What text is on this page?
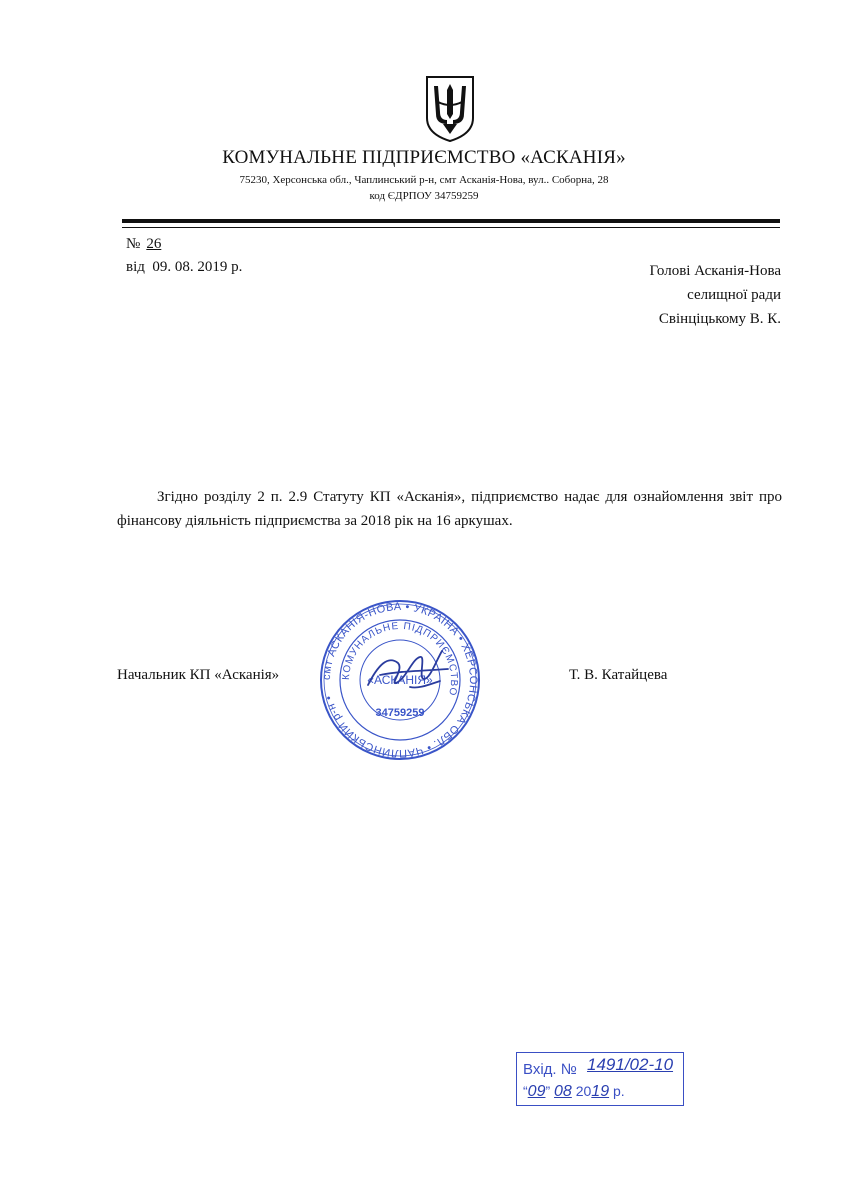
КОМУНАЛЬНЕ ПІДПРИЄМСТВО «АСКАНІЯ»
75230, Херсонська обл., Чаплинський р-н, смт Асканія-Нова, вул.. Соборна, 28
код ЄДРПОУ 34759259
№ 26
від 09. 08. 2019 р.	Голові Асканія-Нова
селищної ради
Свінціцькому В. К.
Згідно розділу 2 п. 2.9 Статуту КП «Асканія», підприємство надає для ознайомлення звіт про фінансову діяльність підприємства за 2018 рік на 16 аркушах.
Начальник КП «Асканія»	Т. В. Катайцева
смт АСКАНІЯ-НОВА • УКРАЇНА • ХЕРСОНСЬКА ОБЛ. • ЧАПЛИНСЬКИЙ р-н •
КОМУНАЛЬНЕ ПІДПРИЄМСТВО
«АСКАНІЯ»
34759259
Вхід. № 1491/02-10
“09” 08 2019 р.
